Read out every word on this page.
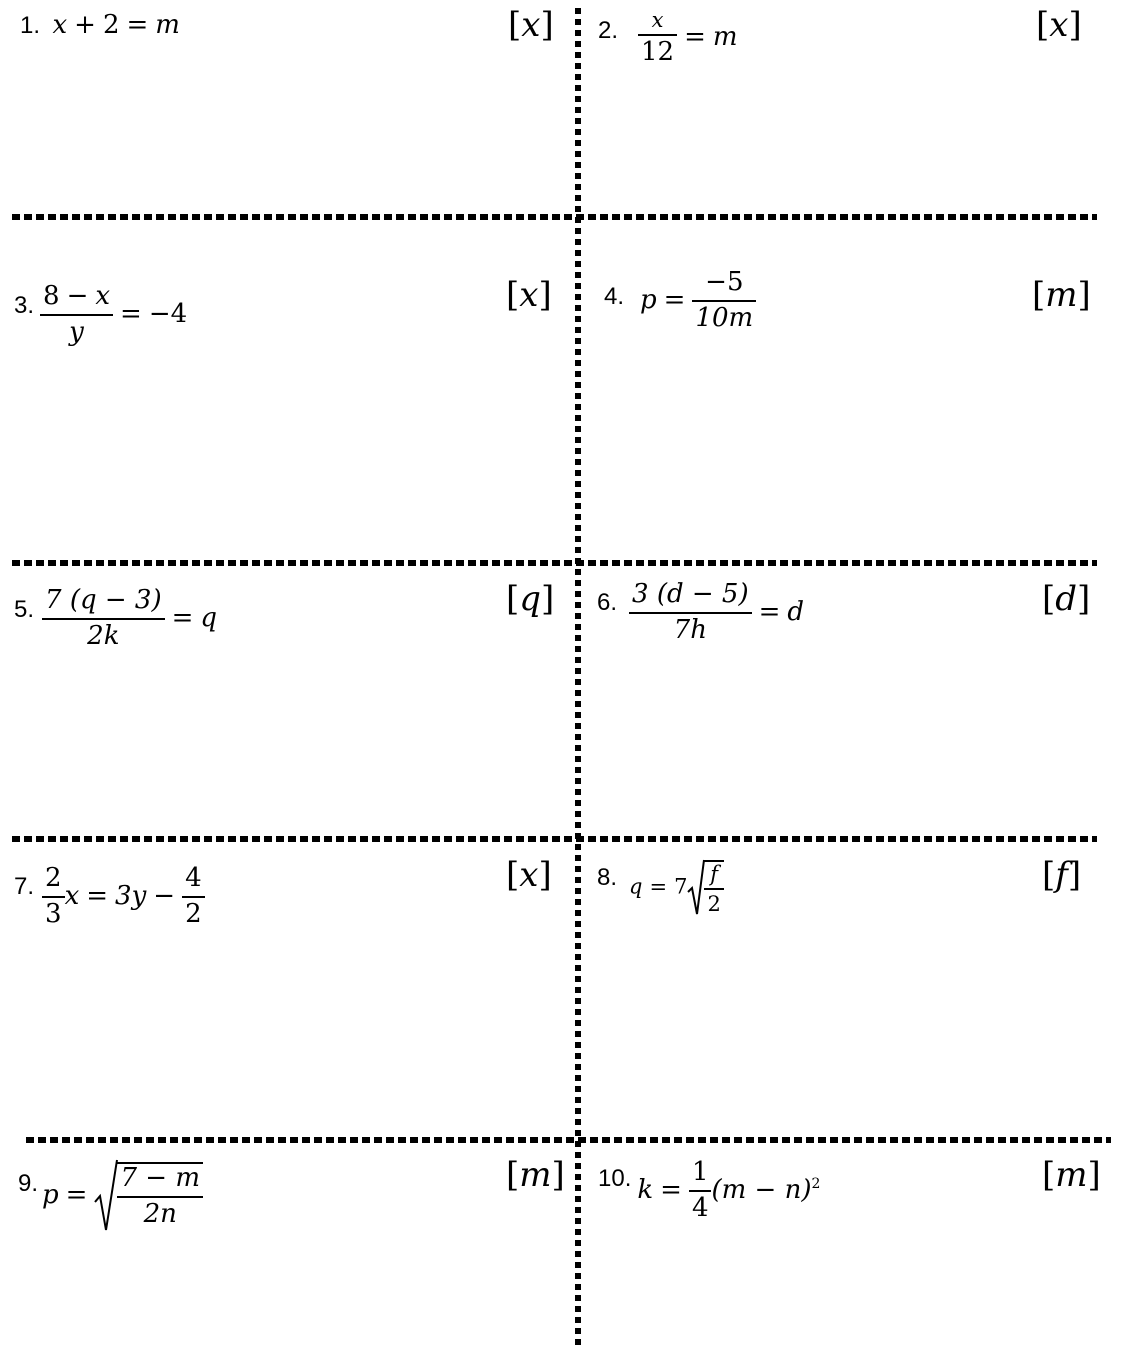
1. x + 2 = m	[x] 2. $\frac{x}{12} = m$	[x]
3. $\frac{8 - x}{y} = -4$	[x] 4. $p = \frac{-5}{10m}$	[m]
5. $\frac{7 (q - 3)}{2k} = q$	[q] 6. $\frac{3 (d - 5)}{7h} = d$	[d]
7. $\frac{2}{3}$ $x = 3y - \frac{4}{2}$	[x] 8. $q = 7 \frac{f}{2}$	[f]
9. $p = \frac{7 - m}{2n}$	[m] 10. $k = \frac{1}{4} (m - n)^2$	[m]
